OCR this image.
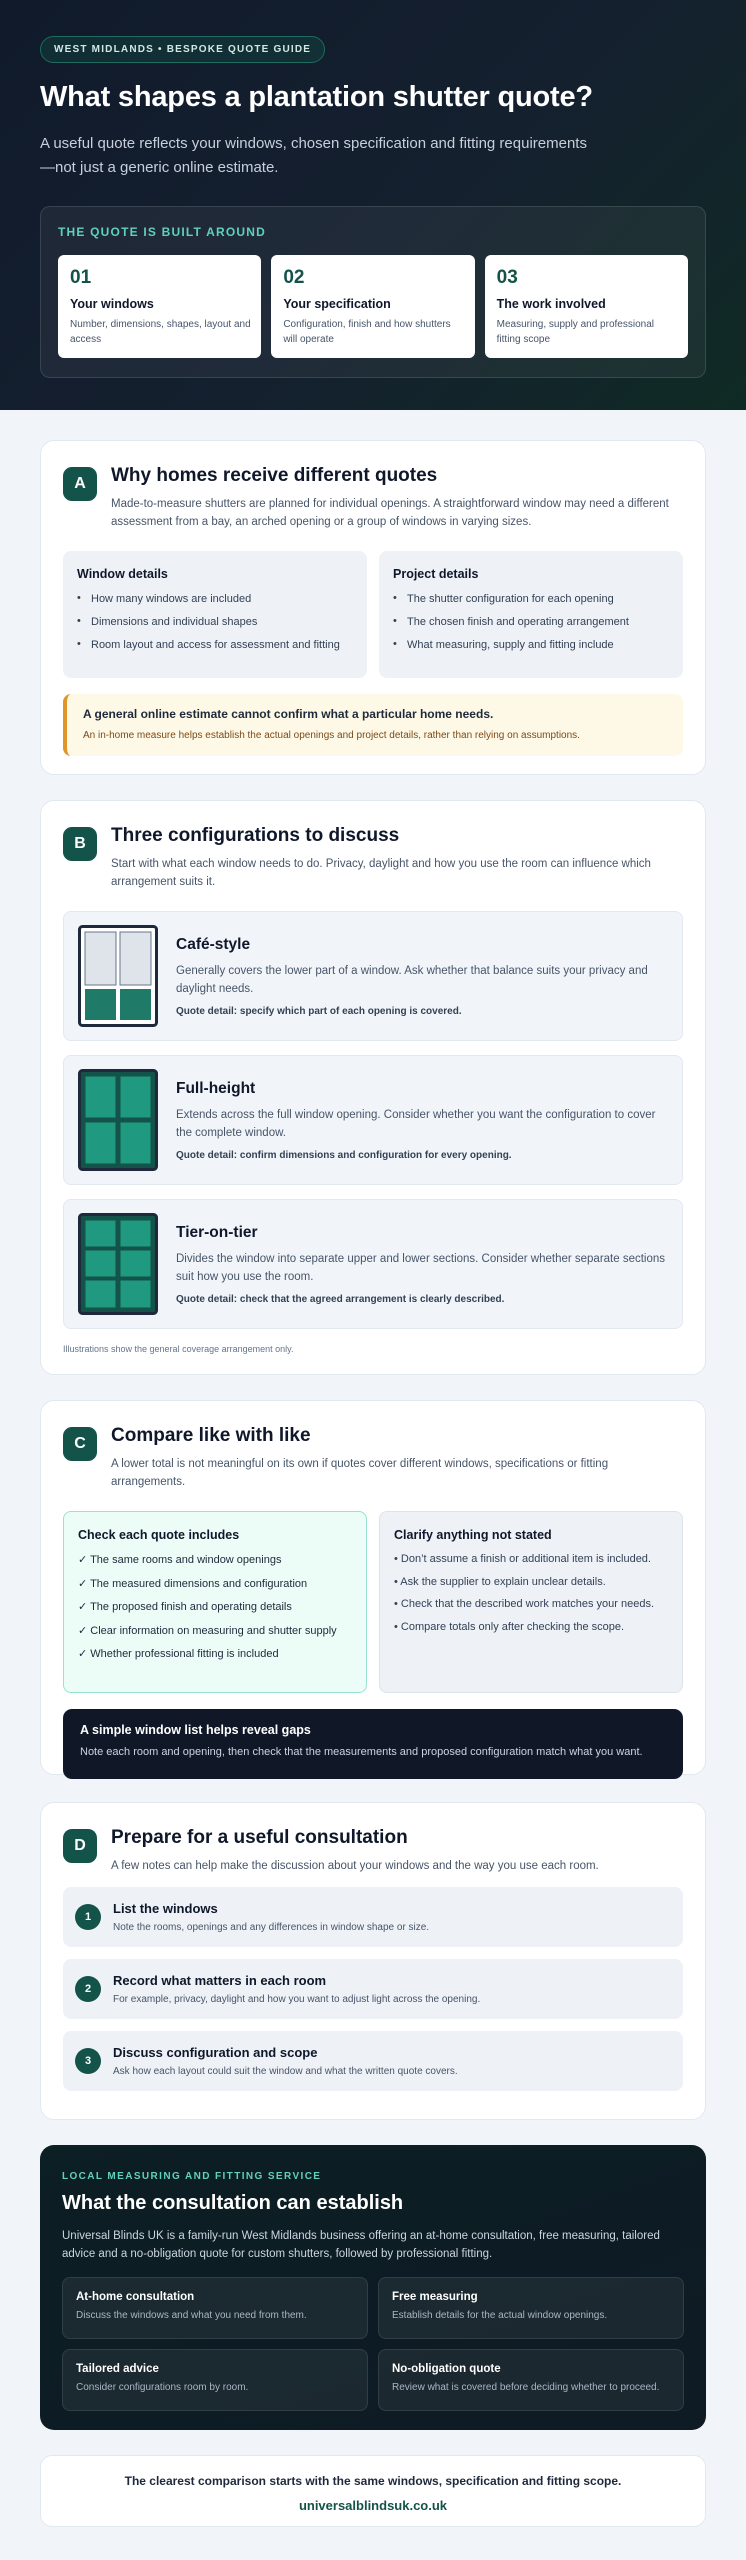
WEST MIDLANDS • BESPOKE QUOTE GUIDE
What shapes a plantation shutter quote?

A useful quote reflects your windows, chosen specification and fitting requirements —not just a generic online estimate.

THE QUOTE IS BUILT AROUND
01
Your windows
Number, dimensions, shapes, layout and access
02
Your specification
Configuration, finish and how shutters will operate
03
The work involved
Measuring, supply and professional fitting scope
A	Why homes receive different quotes

Made-to-measure shutters are planned for individual openings. A straightforward window may need a different assessment from a bay, an arched opening or a group of windows in varying sizes.

Window details
• How many windows are included
• Dimensions and individual shapes
• Room layout and access for assessment and fitting
Project details
• The shutter configuration for each opening
• The chosen finish and operating arrangement
• What measuring, supply and fitting include
A general online estimate cannot confirm what a particular home needs.
An in-home measure helps establish the actual openings and project details, rather than relying on assumptions.
B	Three configurations to discuss

Start with what each window needs to do. Privacy, daylight and how you use the room can influence which arrangement suits it.

Café-style
Generally covers the lower part of a window. Ask whether that balance suits your privacy and daylight needs.
Quote detail: specify which part of each opening is covered.
Full-height
Extends across the full window opening. Consider whether you want the configuration to cover the complete window.
Quote detail: confirm dimensions and configuration for every opening.
Tier-on-tier
Divides the window into separate upper and lower sections. Consider whether separate sections suit how you use the room.
Quote detail: check that the agreed arrangement is clearly described.
Illustrations show the general coverage arrangement only.
C	Compare like with like

A lower total is not meaningful on its own if quotes cover different windows, specifications or fitting arrangements.

Check each quote includes
✓ The same rooms and window openings
✓ The measured dimensions and configuration
✓ The proposed finish and operating details
✓ Clear information on measuring and shutter supply
✓ Whether professional fitting is included
Clarify anything not stated
• Don’t assume a finish or additional item is included.
• Ask the supplier to explain unclear details.
• Check that the described work matches your needs.
• Compare totals only after checking the scope.
A simple window list helps reveal gaps
Note each room and opening, then check that the measurements and proposed configuration match what you want.
D	Prepare for a useful consultation

A few notes can help make the discussion about your windows and the way you use each room.

1
List the windows
Note the rooms, openings and any differences in window shape or size.
2
Record what matters in each room
For example, privacy, daylight and how you want to adjust light across the opening.
3
Discuss configuration and scope
Ask how each layout could suit the window and what the written quote covers.
LOCAL MEASURING AND FITTING SERVICE
What the consultation can establish

Universal Blinds UK is a family-run West Midlands business offering an at-home consultation, free measuring, tailored advice and a no-obligation quote for custom shutters, followed by professional fitting.

At-home consultation
Discuss the windows and what you need from them.
Free measuring
Establish details for the actual window openings.
Tailored advice
Consider configurations room by room.
No-obligation quote
Review what is covered before deciding whether to proceed.
The clearest comparison starts with the same windows, specification and fitting scope.
universalblindsuk.co.uk
